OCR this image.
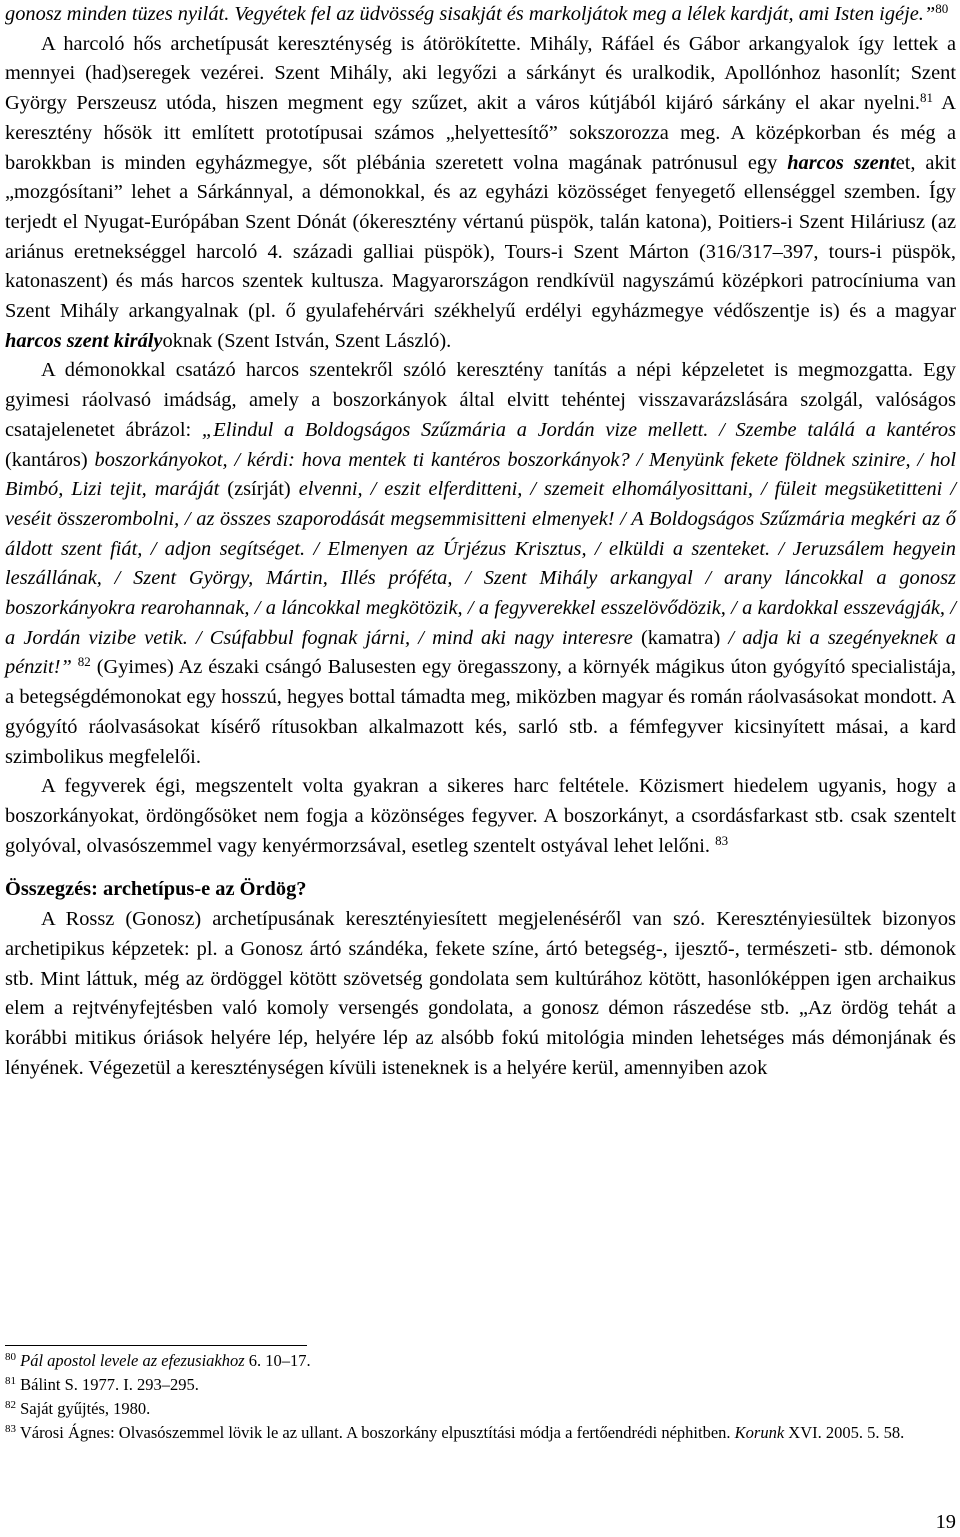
gonosz minden tüzes nyilát. Vegyétek fel az üdvösség sisakját és markoljátok meg a lélek kardját, ami Isten igéje.”$^{80}$

A harcoló hős archetípusát kereszténység is átörökítette. Mihály, Ráfáel és Gábor arkangyalok így lettek a mennyei (had)seregek vezérei. Szent Mihály, aki legyőzi a sárkányt és uralkodik, Apollónhoz hasonlít; Szent György Perszeusz utóda, hiszen megment egy szűzet, akit a város kútjából kijáró sárkány el akar nyelni.$^{81}$ A keresztény hősök itt említett prototípusai számos „helyettesítő” sokszorozza meg. A középkorban és még a barokkban is minden egyházmegye, sőt plébánia szeretett volna magának patrónusul egy harcos szentet, akit „mozgósítani” lehet a Sárkánnyal, a démonokkal, és az egyházi közösséget fenyegető ellenséggel szemben. Így terjedt el Nyugat-Európában Szent Dónát (ókeresztény vértanú püspök, talán katona), Poitiers-i Szent Hiláriusz (az ariánus eretnekséggel harcoló 4. századi galliai püspök), Tours-i Szent Márton (316/317–397, tours-i püspök, katonaszent) és más harcos szentek kultusza. Magyarországon rendkívül nagyszámú középkori patrocíniuma van Szent Mihály arkangyalnak (pl. ő gyulafehérvári székhelyű erdélyi egyházmegye védőszentje is) és a magyar harcos szent királyoknak (Szent István, Szent László).

A démonokkal csatázó harcos szentekről szóló keresztény tanítás a népi képzeletet is megmozgatta. Egy gyimesi ráolvasó imádság, amely a boszorkányok által elvitt tehéntej visszavarázslására szolgál, valóságos csatajelenetet ábrázol: „Elindul a Boldogságos Szűzmária a Jordán vize mellett. / Szembe találá a kantéros (kantáros) boszorkányokot, / kérdi: hova mentek ti kantéros boszorkányok? / Menyünk fekete földnek szinire, / hol Bimbó, Lizi tejit, maráját (zsírját) elvenni, / eszit elferditteni, / szemeit elhomályosittani, / füleit megsüketitteni / veséit összerombolni, / az összes szaporodását megsemmisitteni elmenyek! / A Boldogságos Szűzmária megkéri az ő áldott szent fiát, / adjon segítséget. / Elmenyen az Úrjézus Krisztus, / elküldi a szenteket. / Jeruzsálem hegyein leszállának, / Szent György, Mártin, Illés próféta, / Szent Mihály arkangyal / arany láncokkal a gonosz boszorkányokra rearohannak, / a láncokkal megkötözik, / a fegyverekkel esszelövődözik, / a kardokkal esszevágják, / a Jordán vizibe vetik. / Csúfabbul fognak járni, / mind aki nagy interesre (kamatra) / adja ki a szegényeknek a pénzit!” $^{82}$ (Gyimes) Az északi csángó Balusesten egy öregasszony, a környék mágikus úton gyógyító specialistája, a betegségdémonokat egy hosszú, hegyes bottal támadta meg, miközben magyar és román ráolvasásokat mondott. A gyógyító ráolvasásokat kísérő rítusokban alkalmazott kés, sarló stb. a fémfegyver kicsinyített másai, a kard szimbolikus megfelelői.

A fegyverek égi, megszentelt volta gyakran a sikeres harc feltétele. Közismert hiedelem ugyanis, hogy a boszorkányokat, ördöngősöket nem fogja a közönséges fegyver. A boszorkányt, a csordásfarkast stb. csak szentelt golyóval, olvasószemmel vagy kenyérmorzsával, esetleg szentelt ostyával lehet lelőni. $^{83}$

Összegzés: archetípus-e az Ördög?

A Rossz (Gonosz) archetípusának keresztényiesített megjelenéséről van szó. Keresztényiesültek bizonyos archetipikus képzetek: pl. a Gonosz ártó szándéka, fekete színe, ártó betegség-, ijesztő-, természeti- stb. démonok stb. Mint láttuk, még az ördöggel kötött szövetség gondolata sem kultúrához kötött, hasonlóképpen igen archaikus elem a rejtvényfejtésben való komoly versengés gondolata, a gonosz démon rászedése stb. „Az ördög tehát a korábbi mitikus óriások helyére lép, helyére lép az alsóbb fokú mitológia minden lehetséges más démonjának és lényének. Végezetül a kereszténységen kívüli isteneknek is a helyére kerül, amennyiben azok

$^{80}$ Pál apostol levele az efezusiakhoz 6. 10–17.

$^{81}$ Bálint S. 1977. I. 293–295.

$^{82}$ Saját gyűjtés, 1980.

$^{83}$ Városi Ágnes: Olvasószemmel lövik le az ullant. A boszorkány elpusztítási módja a fertőendrédi néphitben. Korunk XVI. 2005. 5. 58.

19
